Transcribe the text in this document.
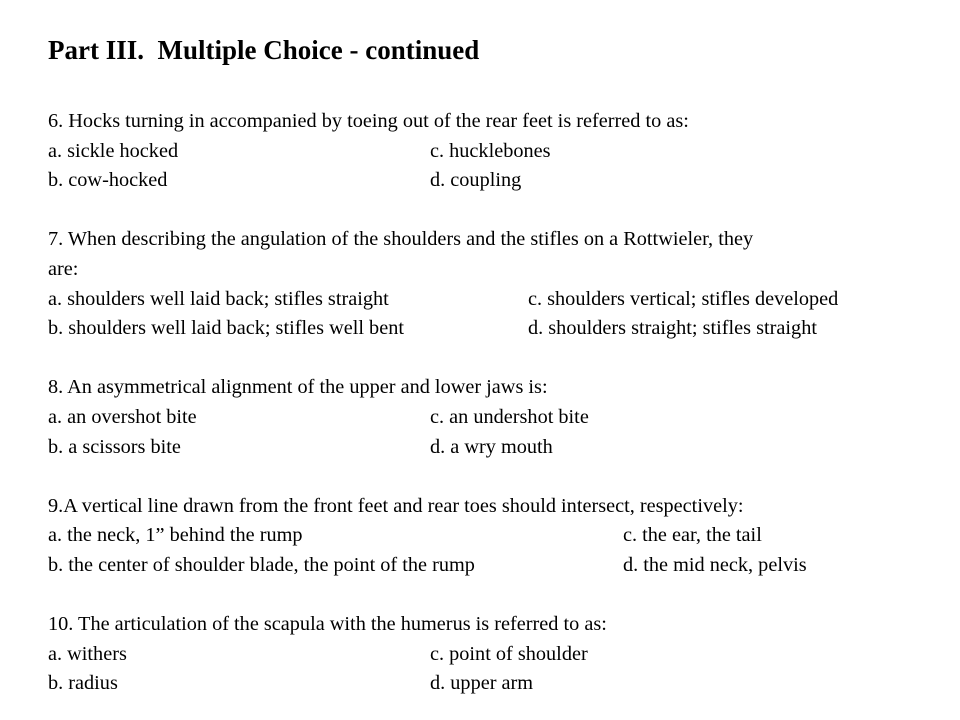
Part III.  Multiple Choice - continued
6. Hocks turning in accompanied by toeing out of the rear feet is referred to as:
a. sickle hocked	c. hucklebones
b. cow-hocked	d. coupling
7. When describing the angulation of the shoulders and the stifles on a Rottwieler, they
are:
a. shoulders well laid back; stifles straight	c. shoulders vertical; stifles developed
b. shoulders well laid back; stifles well bent	d. shoulders straight; stifles straight
8. An asymmetrical alignment of the upper and lower jaws is:
a. an overshot bite	c. an undershot bite
b. a scissors bite	d. a wry mouth
9.A vertical line drawn from the front feet and rear toes should intersect, respectively:
a. the neck, 1” behind the rump	c. the ear, the tail
b. the center of shoulder blade, the point of the rump	d. the mid neck, pelvis
10. The articulation of the scapula with the humerus is referred to as:
a. withers	c. point of shoulder
b. radius	d. upper arm
